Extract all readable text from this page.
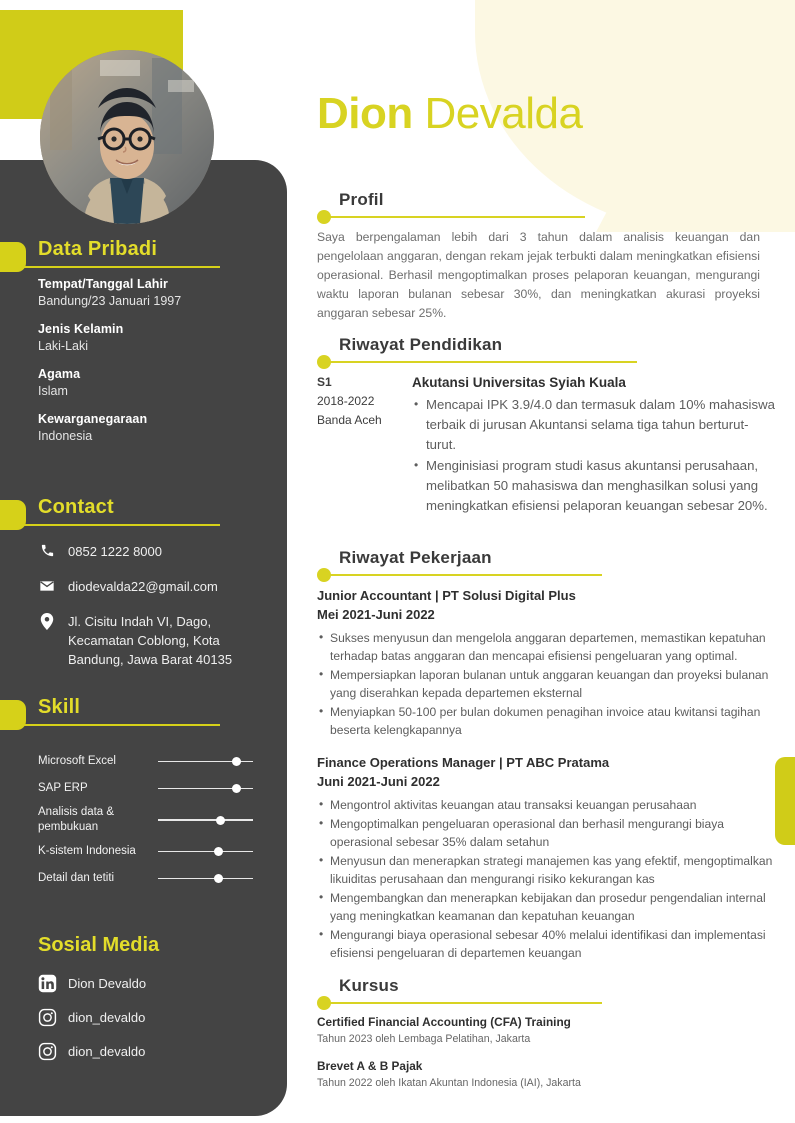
Data Pribadi
Tempat/Tanggal Lahir
Bandung/23 Januari 1997
Jenis Kelamin
Laki-Laki
Agama
Islam
Kewarganegaraan
Indonesia
Contact
0852 1222 8000
diodevalda22@gmail.com
Jl. Cisitu Indah VI, Dago, Kecamatan Coblong, Kota Bandung, Jawa Barat 40135
Skill
Microsoft Excel
SAP ERP
Analisis data & pembukuan
K-sistem Indonesia
Detail dan tetiti
Sosial Media
Dion Devaldo
dion_devaldo
dion_devaldo
Dion Devalda
Profil
Saya berpengalaman lebih dari 3 tahun dalam analisis keuangan dan pengelolaan anggaran, dengan rekam jejak terbukti dalam meningkatkan efisiensi operasional. Berhasil mengoptimalkan proses pelaporan keuangan, mengurangi waktu laporan bulanan sebesar 30%, dan meningkatkan akurasi proyeksi anggaran sebesar 25%.
Riwayat Pendidikan
S1
2018-2022
Banda Aceh
Akutansi Universitas Syiah Kuala
• Mencapai IPK 3.9/4.0 dan termasuk dalam 10% mahasiswa terbaik di jurusan Akuntansi selama tiga tahun berturut-turut.
• Menginisiasi program studi kasus akuntansi perusahaan, melibatkan 50 mahasiswa dan menghasilkan solusi yang meningkatkan efisiensi pelaporan keuangan sebesar 20%.
Riwayat Pekerjaan
Junior Accountant | PT Solusi Digital Plus
Mei 2021-Juni 2022
• Sukses menyusun dan mengelola anggaran departemen, memastikan kepatuhan terhadap batas anggaran dan mencapai efisiensi pengeluaran yang optimal.
• Mempersiapkan laporan bulanan untuk anggaran keuangan dan proyeksi bulanan yang diserahkan kepada departemen eksternal
• Menyiapkan 50-100 per bulan dokumen penagihan invoice atau kwitansi tagihan beserta kelengkapannya
Finance Operations Manager | PT ABC Pratama
Juni 2021-Juni 2022
• Mengontrol aktivitas keuangan atau transaksi keuangan perusahaan
• Mengoptimalkan pengeluaran operasional dan berhasil mengurangi biaya operasional sebesar 35% dalam setahun
• Menyusun dan menerapkan strategi manajemen kas yang efektif, mengoptimalkan likuiditas perusahaan dan mengurangi risiko kekurangan kas
• Mengembangkan dan menerapkan kebijakan dan prosedur pengendalian internal yang meningkatkan keamanan dan kepatuhan keuangan
• Mengurangi biaya operasional sebesar 40% melalui identifikasi dan implementasi efisiensi pengeluaran di departemen keuangan
Kursus
Certified Financial Accounting (CFA) Training
Tahun 2023 oleh Lembaga Pelatihan, Jakarta
Brevet A & B Pajak
Tahun 2022 oleh Ikatan Akuntan Indonesia (IAI), Jakarta
